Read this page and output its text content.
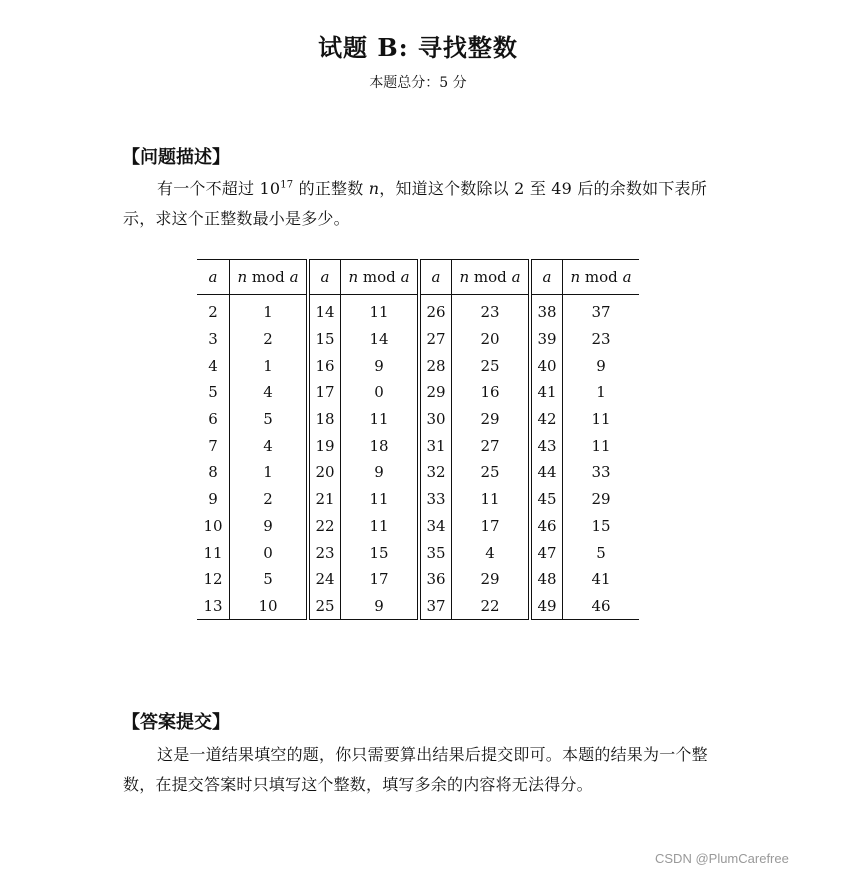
试题 B: 寻找整数
本题总分：5 分
【问题描述】
有一个不超过 $10^{17}$ 的正整数 n，知道这个数除以 2 至 49 后的余数如下表所示，求这个正整数最小是多少。
a	n mod a	a	n mod a	a	n mod a	a	n mod a
2	1	14	11	26	23	38	37
3	2	15	14	27	20	39	23
4	1	16	9	28	25	40	9
5	4	17	0	29	16	41	1
6	5	18	11	30	29	42	11
7	4	19	18	31	27	43	11
8	1	20	9	32	25	44	33
9	2	21	11	33	11	45	29
10	9	22	11	34	17	46	15
11	0	23	15	35	4	47	5
12	5	24	17	36	29	48	41
13	10	25	9	37	22	49	46
【答案提交】
这是一道结果填空的题，你只需要算出结果后提交即可。本题的结果为一个整数，在提交答案时只填写这个整数，填写多余的内容将无法得分。
CSDN @PlumCarefree
